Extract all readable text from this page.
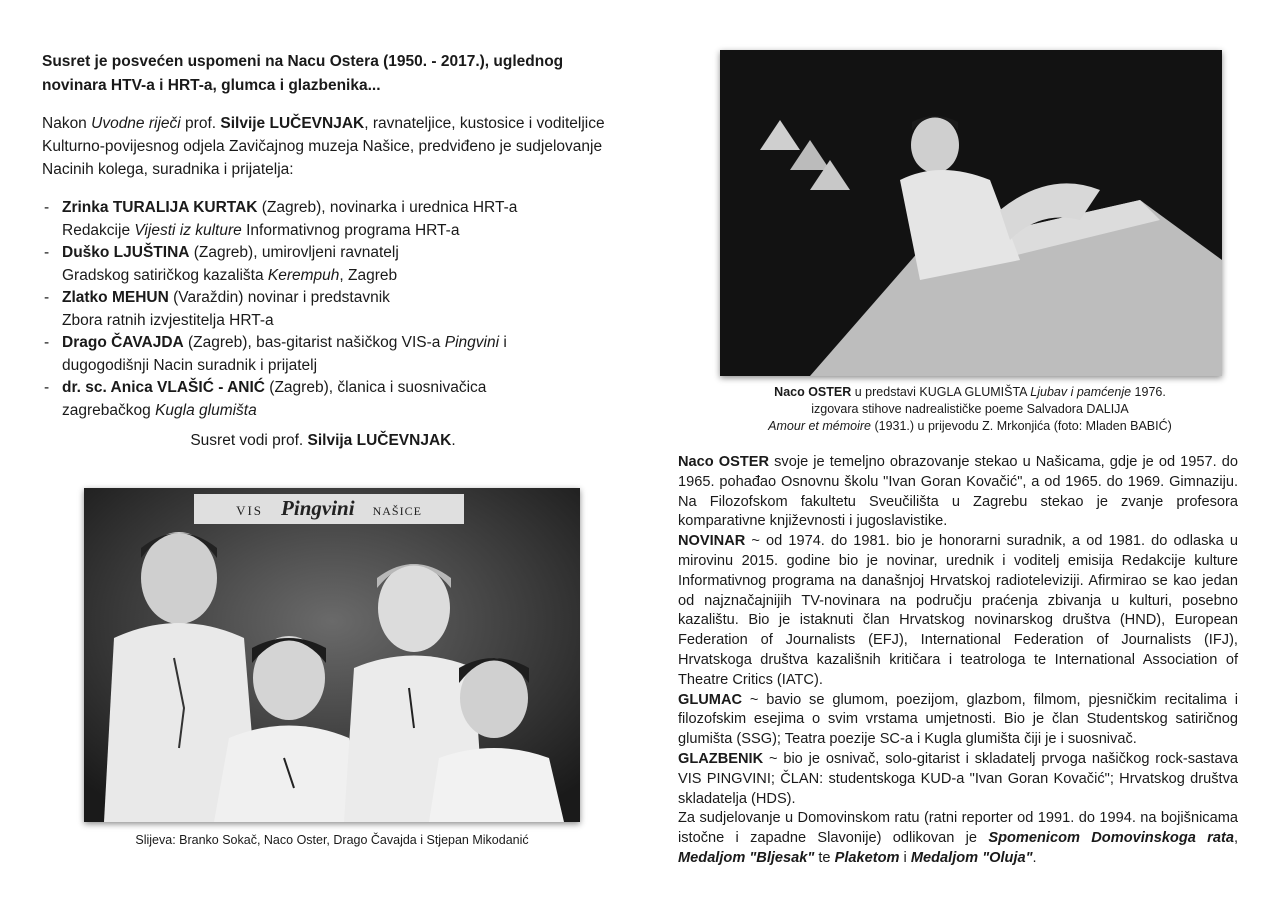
Susret je posvećen uspomeni na Nacu Ostera (1950. - 2017.), uglednog novinara HTV-a i HRT-a, glumca i glazbenika...

Nakon Uvodne riječi prof. Silvije LUČEVNJAK, ravnateljice, kustosice i voditeljice Kulturno-povijesnog odjela Zavičajnog muzeja Našice, predviđeno je sudjelovanje Nacinih kolega, suradnika i prijatelja:

- Zrinka TURALIJA KURTAK (Zagreb), novinarka i urednica HRT-a
Redakcije Vijesti iz kulture Informativnog programa HRT-a
- Duško LJUŠTINA (Zagreb), umirovljeni ravnatelj
Gradskog satiričkog kazališta Kerempuh, Zagreb
- Zlatko MEHUN (Varaždin) novinar i predstavnik
Zbora ratnih izvjestitelja HRT-a
- Drago ČAVAJDA (Zagreb), bas-gitarist našičkog VIS-a Pingvini i
dugogodišnji Nacin suradnik i prijatelj
- dr. sc. Anica VLAŠIĆ - ANIĆ (Zagreb), članica i suosnivačica
zagrebačkog Kugla glumišta

Susret vodi prof. Silvija LUČEVNJAK.

VIS Pingvini NAŠICE
Slijeva: Branko Sokač, Naco Oster, Drago Čavajda i Stjepan Mikodanić
Naco OSTER u predstavi KUGLA GLUMIŠTA Ljubav i pamćenje 1976.
izgovara stihove nadrealističke poeme Salvadora DALIJA
Amour et mémoire (1931.) u prijevodu Z. Mrkonjića (foto: Mladen BABIĆ)

Naco OSTER svoje je temeljno obrazovanje stekao u Našicama, gdje je od 1957. do 1965. pohađao Osnovnu školu "Ivan Goran Kovačić", a od 1965. do 1969. Gimnaziju. Na Filozofskom fakultetu Sveučilišta u Zagrebu stekao je zvanje profesora komparativne književnosti i jugoslavistike.

NOVINAR ~ od 1974. do 1981. bio je honorarni suradnik, a od 1981. do odlaska u mirovinu 2015. godine bio je novinar, urednik i voditelj emisija Redakcije kulture Informativnog programa na današnjoj Hrvatskoj radioteleviziji. Afirmirao se kao jedan od najznačajnijih TV-novinara na području praćenja zbivanja u kulturi, posebno kazalištu. Bio je istaknuti član Hrvatskog novinarskog društva (HND), European Federation of Journalists (EFJ), International Federation of Journalists (IFJ), Hrvatskoga društva kazališnih kritičara i teatrologa te International Association of Theatre Critics (IATC).

GLUMAC ~ bavio se glumom, poezijom, glazbom, filmom, pjesničkim recitalima i filozofskim esejima o svim vrstama umjetnosti. Bio je član Studentskog satiričnog glumišta (SSG); Teatra poezije SC-a i Kugla glumišta čiji je i suosnivač.

GLAZBENIK ~ bio je osnivač, solo-gitarist i skladatelj prvoga našičkog rock-sastava VIS PINGVINI; ČLAN: studentskoga KUD-a "Ivan Goran Kovačić"; Hrvatskog društva skladatelja (HDS).

Za sudjelovanje u Domovinskom ratu (ratni reporter od 1991. do 1994. na bojišnicama istočne i zapadne Slavonije) odlikovan je Spomenicom Domovinskoga rata, Medaljom "Bljesak" te Plaketom i Medaljom "Oluja".
